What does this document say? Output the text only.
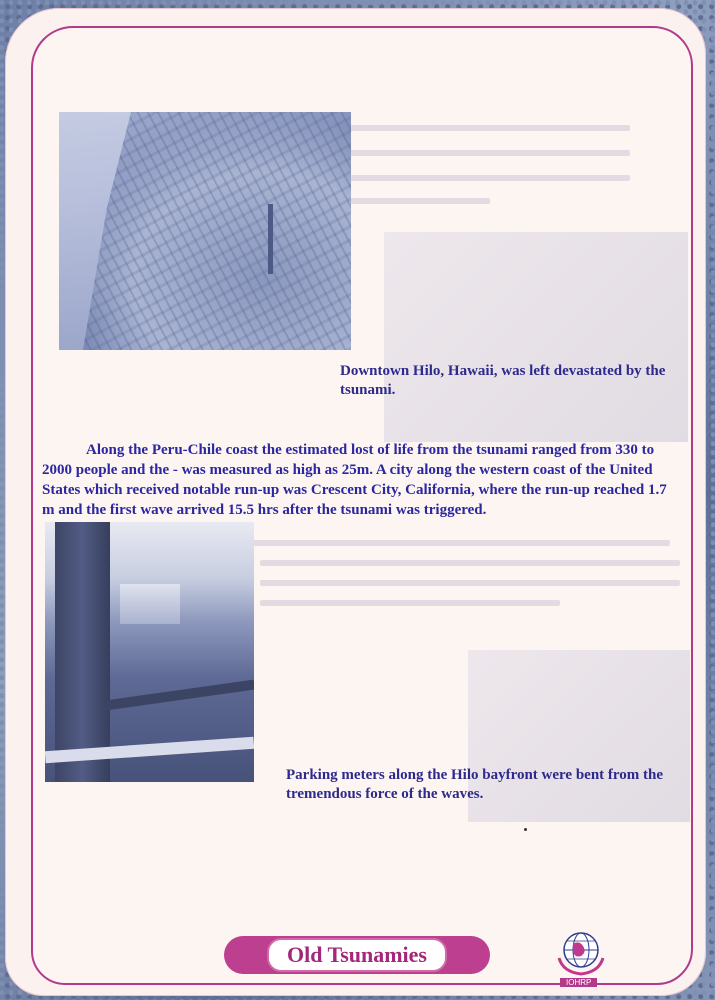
Downtown Hilo, Hawaii, was left devastated by the tsunami.

Along the Peru-Chile coast the estimated lost of life from the tsunami ranged from 330 to 2000 people and the - was measured as high as 25m. A city along the western coast of the United States which received notable run-up was Crescent City, California, where the run-up reached 1.7 m and the first wave arrived 15.5 hrs after the tsunami was triggered.

Parking meters along the Hilo bayfront were bent from the tremendous force of the waves.
Old Tsunamies
IOHRP
